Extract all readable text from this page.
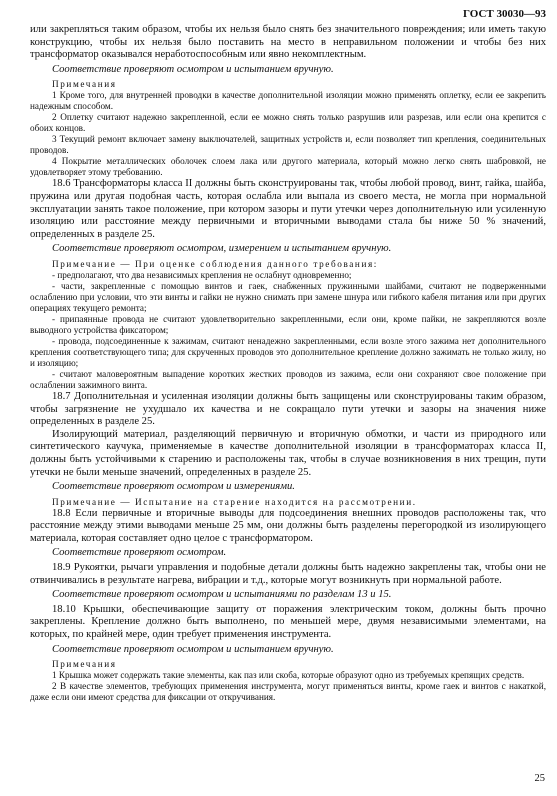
ГОСТ 30030—93

или закрепляться таким образом, чтобы их нельзя было снять без значительного повреждения; или иметь такую конструкцию, чтобы их нельзя было поставить на место в неправильном положении и чтобы без них трансформатор оказывался неработоспособным или явно некомплектным.

Соответствие проверяют осмотром и испытанием вручную.

Примечания

1 Кроме того, для внутренней проводки в качестве дополнительной изоляции можно применять оплетку, если ее закрепить надежным способом.

2 Оплетку считают надежно закрепленной, если ее можно снять только разрушив или разрезав, или если она крепится с обоих концов.

3 Текущий ремонт включает замену выключателей, защитных устройств и, если позволяет тип крепления, соединительных проводов.

4 Покрытие металлических оболочек слоем лака или другого материала, который можно легко снять шабровкой, не удовлетворяет этому требованию.

18.6 Трансформаторы класса II должны быть сконструированы так, чтобы любой провод, винт, гайка, шайба, пружина или другая подобная часть, которая ослабла или выпала из своего места, не могла при нормальной эксплуатации занять такое положение, при котором зазоры и пути утечки через дополнительную или усиленную изоляцию или расстояние между первичными и вторичными выводами стала бы ниже 50 % значений, определенных в разделе 25.

Соответствие проверяют осмотром, измерением и испытанием вручную.

Примечание — При оценке соблюдения данного требования:

- предполагают, что два независимых крепления не ослабнут одновременно;

- части, закрепленные с помощью винтов и гаек, снабженных пружинными шайбами, считают не подверженными ослаблению при условии, что эти винты и гайки не нужно снимать при замене шнура или гибкого кабеля питания или при других операциях текущего ремонта;

- припаянные провода не считают удовлетворительно закрепленными, если они, кроме пайки, не закрепляются возле выводного устройства фиксатором;

- провода, подсоединенные к зажимам, считают ненадежно закрепленными, если возле этого зажима нет дополнительного крепления соответствующего типа; для скрученных проводов это дополнительное крепление должно зажимать не только жилу, но и изоляцию;

- считают маловероятным выпадение коротких жестких проводов из зажима, если они сохраняют свое положение при ослаблении зажимного винта.

18.7 Дополнительная и усиленная изоляции должны быть защищены или сконструированы таким образом, чтобы загрязнение не ухудшало их качества и не сокращало пути утечки и зазоры на значения ниже определенных в разделе 25.

Изолирующий материал, разделяющий первичную и вторичную обмотки, и части из природного или синтетического каучука, применяемые в качестве дополнительной изоляции в трансформаторах класса II, должны быть устойчивыми к старению и расположены так, чтобы в случае возникновения в них трещин, пути утечки не были меньше значений, определенных в разделе 25.

Соответствие проверяют осмотром и измерениями.

Примечание — Испытание на старение находится на рассмотрении.

18.8 Если первичные и вторичные выводы для подсоединения внешних проводов расположены так, что расстояние между этими выводами меньше 25 мм, они должны быть разделены перегородкой из изолирующего материала, которая составляет одно целое с трансформатором.

Соответствие проверяют осмотром.

18.9 Рукоятки, рычаги управления и подобные детали должны быть надежно закреплены так, чтобы они не отвинчивались в результате нагрева, вибрации и т.д., которые могут возникнуть при нормальной работе.

Соответствие проверяют осмотром и испытаниями по разделам 13 и 15.

18.10 Крышки, обеспечивающие защиту от поражения электрическим током, должны быть прочно закреплены. Крепление должно быть выполнено, по меньшей мере, двумя независимыми элементами, на которых, по крайней мере, один требует применения инструмента.

Соответствие проверяют осмотром и испытанием вручную.

Примечания

1 Крышка может содержать такие элементы, как паз или скоба, которые образуют одно из требуемых крепящих средств.

2 В качестве элементов, требующих применения инструмента, могут применяться винты, кроме гаек и винтов с накаткой, даже если они имеют средства для фиксации от откручивания.

25
